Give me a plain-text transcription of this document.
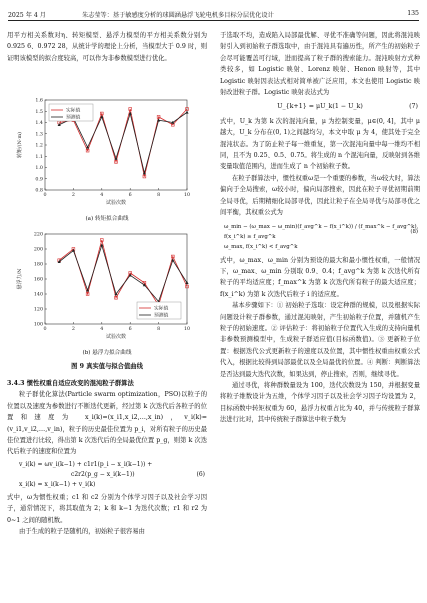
2025 年 4 月	朱志莹等：基于敏感度分析的球圆涵悬浮飞轮电机多目标分层优化设计	135

用平方相关系数对η、转矩模型、悬浮力模型的平方相关系数分别为 0.925 6、0.972 28，从统计学的理论上分析，当模型大于 0.9 时，则证明该模型的拟合度较高，可以作为非参数模型进行优化。

0.8
0.9
1.0
1.1
1.2
1.3
1.4
1.5
1.6
0	2	4	6	8	10
试验次数
转矩/(N·m)
实际值
预测值

(a) 转矩拟合曲线

100
120
140
160
180
200
220
0	2	4	6	8	10
试验次数
悬浮力/N
实际值
预测值

(b) 悬浮力拟合曲线

图 9 真实值与拟合值曲线

3.4.3 惯性权重自适应改变的混沌粒子群算法

粒子群优化算法(Particle swarm optimization，PSO)以粒子的位置以及速度为参数进行不断迭代更新，经过第 k 次迭代后各粒子的位置和速度为 x_i(k)=(x_i1,x_i2,…,x_in)，v_i(k)=(v_i1,v_i2,…,v_in)，粒子的历史最佳位置为 p_i，对所有粒子的历史最佳位置进行比较，得出第 k 次迭代后的全局最优位置 p_g，则第 k 次迭代后粒子的速度和位置为

v_i(k) = ωv_i(k−1) + c1r1(p_i − x_i(k−1)) +
c2r2(p_g − x_i(k−1))
x_i(k) = x_i(k−1) + v_i(k)
(6)

式中，ω为惯性权重；c1 和 c2 分别为个体学习因子以及社会学习因子，通常情况下，将其取值为 2；k 和 k−1 为迭代次数；r1 和 r2 为 0~1 之间的随机数。

由于生成的粒子是随机的，初始粒子很容易由

于选取不均，造成陷入局部最优解、寻优不准确等问题，因此将混沌映射引入到初始粒子群选取中，由于混沌具有遍历性，所产生的初始粒子会尽可能覆盖可行域，进而提高了粒子群的搜索能力。混沌映射方式种类较多，如 Logistic 映射、Lorenz 映射、Henon 映射等，其中 Logistic 映射因表达式相对简单被广泛应用，本文也使用 Logistic 映射改进粒子群。Logistic 映射表达式为

U_{k+1} = μU_k(1 − U_k)	(7)

式中，U_k 为第 k 次的混沌向量，μ 为控制变量，μ∈(0, 4]，其中 μ 越大，U_k 分布在(0, 1)之间越均匀，本文中取 μ 为 4，使其处于完全混沌状态。为了防止粒子每一维重复，第一次混沌向量中每一维均不相同，且不为 0.25、0.5、0.75。将生成的 n 个混沌向量，反映射到各维变量取值范围内，进而生成了 n 个初始粒子数。

在粒子群算法中，惯性权重ω是一个重要的参数，当ω较大时，算法偏向于全局搜索，ω较小时，偏向局部搜索，因此在粒子寻优初期前期全局寻优，后期精细化局部寻优，因此让粒子在全局寻优与局部寻优之间平衡，其权重公式为

ω_min − (ω_max − ω_min)(f_avg^k − f(x_i^k)) / (f_max^k − f_avg^k), f(x_i^k) ≥ f_avg^k
ω_max, f(x_i^k) < f_avg^k
(8)

式中，ω_max、ω_min 分别为预设的最大和最小惯性权重，一般情况下，ω_max、ω_min 分别取 0.9、0.4；f_avg^k 为第 k 次迭代所有粒子的平均适应度；f_max^k 为第 k 次迭代所有粒子的最大适应度；f(x_i^k) 为第 k 次迭代后粒子 i 的适应度。

基本步骤如下：① 初始粒子选取：设定种群的规模，以及根据实际问题设计粒子群参数，通过混沌映射，产生初始粒子位置，并随机产生粒子的初始速度。② 评估粒子：将初始粒子位置代入生成的支持向量机非参数预测模型中，生成粒子群适应值(目标函数值)。③ 更新粒子位置：根据迭代公式更新粒子的速度以及位置，其中惯性权重由权重公式代入，根据比较得到局部最优以及全局最优的位置。④ 判断：判断算法是否达到最大迭代次数，如果达到，停止搜索，否则，继续寻优。

通过寻优，将种群数量设为 100，迭代次数设为 150，并根据变量将粒子维数设计为五维，个体学习因子以及社会学习因子均设置为 2，目标函数中转矩权重为 60，悬浮力权重占比为 40，并与传统粒子群算法进行比对，其中传统粒子群算法中粒子数为
